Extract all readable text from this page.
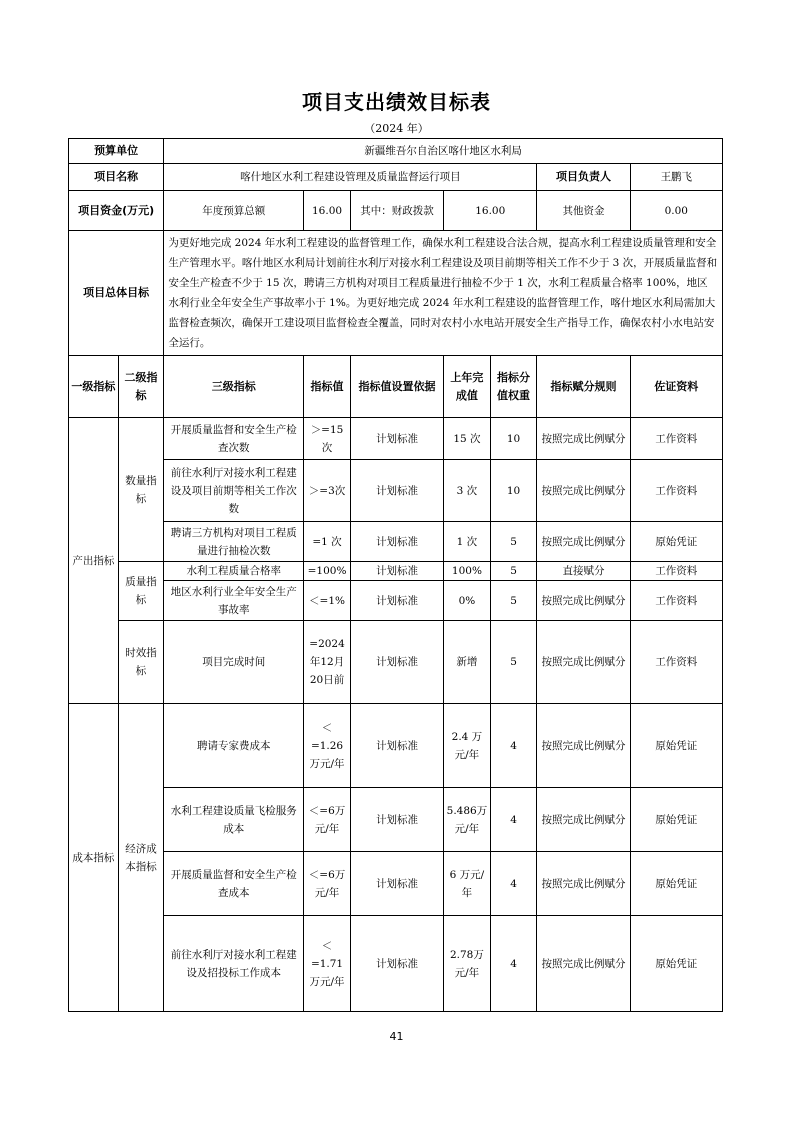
项目支出绩效目标表
（2024 年）
预算单位		新疆维吾尔自治区喀什地区水利局						
项目名称		喀什地区水利工程建设管理及质量监督运行项目					项目负责人	王鹏飞
项目资金(万元)		年度预算总额	16.00	其中：财政拨款	16.00		其他资金	0.00
项目总体目标		为更好地完成 2024 年水利工程建设的监督管理工作，确保水利工程建设合法合规，提高水利工程建设质量管理和安全生产管理水平。喀什地区水利局计划前往水利厅对接水利工程建设及项目前期等相关工作不少于 3 次，开展质量监督和安全生产检查不少于 15 次，聘请三方机构对项目工程质量进行抽检不少于 1 次，水利工程质量合格率 100%，地区水利行业全年安全生产事故率小于 1%。为更好地完成 2024 年水利工程建设的监督管理工作，喀什地区水利局需加大监督检查频次，确保开工建设项目监督检查全覆盖，同时对农村小水电站开展安全生产指导工作，确保农村小水电站安全运行。						
一级指标	二级指标	三级指标	指标值	指标值设置依据	上年完成值	指标分值权重	指标赋分规则	佐证资料
产出指标	数量指标	开展质量监督和安全生产检查次数	＞=15次	计划标准	15 次	10	按照完成比例赋分	工作资料
		前往水利厅对接水利工程建设及项目前期等相关工作次数	＞=3次	计划标准	3 次	10	按照完成比例赋分	工作资料
		聘请三方机构对项目工程质量进行抽检次数	=1 次	计划标准	1 次	5	按照完成比例赋分	原始凭证
	质量指标	水利工程质量合格率	=100%	计划标准	100%	5	直接赋分	工作资料
		地区水利行业全年安全生产事故率	＜=1%	计划标准	0%	5	按照完成比例赋分	工作资料
	时效指标	项目完成时间	=2024年12月20日前	计划标准	新增	5	按照完成比例赋分	工作资料
成本指标	经济成本指标	聘请专家费成本	＜=1.26万元/年	计划标准	2.4 万元/年	4	按照完成比例赋分	原始凭证
		水利工程建设质量飞检服务成本	＜=6万元/年	计划标准	5.486万元/年	4	按照完成比例赋分	原始凭证
		开展质量监督和安全生产检查成本	＜=6万元/年	计划标准	6 万元/年	4	按照完成比例赋分	原始凭证
		前往水利厅对接水利工程建设及招投标工作成本	＜=1.71万元/年	计划标准	2.78万元/年	4	按照完成比例赋分	原始凭证
41
